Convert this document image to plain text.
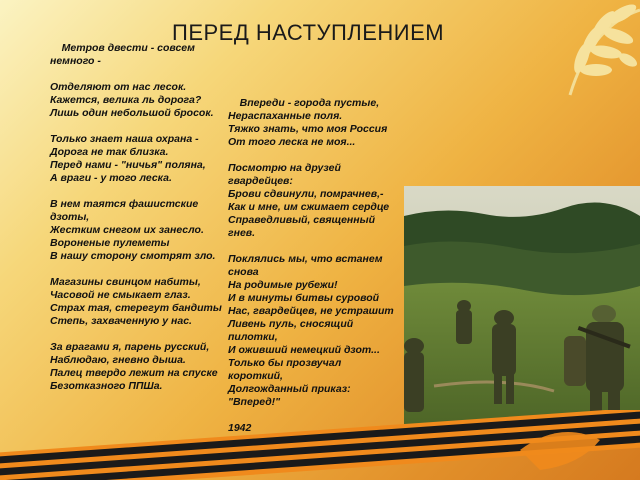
ПЕРЕД НАСТУПЛЕНИЕМ
Метров двести - совсем
немного -

Отделяют от нас лесок.
Кажется, велика ль дорога?
Лишь один небольшой бросок.

Только знает наша охрана -
Дорога не так близка.
Перед нами - "ничья" поляна,
А враги - у того леска.

В нем таятся фашистские
дзоты,
Жестким снегом их занесло.
Вороненые пулеметы
В нашу сторону смотрят зло.

Магазины свинцом набиты,
Часовой не смыкает глаз.
Страх тая, стерегут бандиты
Степь, захваченную у нас.

За врагами я, парень русский,
Наблюдаю, гневно дыша.
Палец твердо лежит на спуске
Безотказного ППШа.
Впереди - города пустые,
Нераспаханные поля.
Тяжко знать, что моя Россия
От того леска не моя...

Посмотрю на друзей
гвардейцев:
Брови сдвинули, помрачнев,-
Как и мне, им сжимает сердце
Справедливый, священный
гнев.

Поклялись мы, что встанем
снова
На родимые рубежи!
И в минуты битвы суровой
Нас, гвардейцев, не устрашит
Ливень пуль, сносящий
пилотки,
И оживший немецкий дзот...
Только бы прозвучал
короткий,
Долгожданный приказ:
"Вперед!"

1942
